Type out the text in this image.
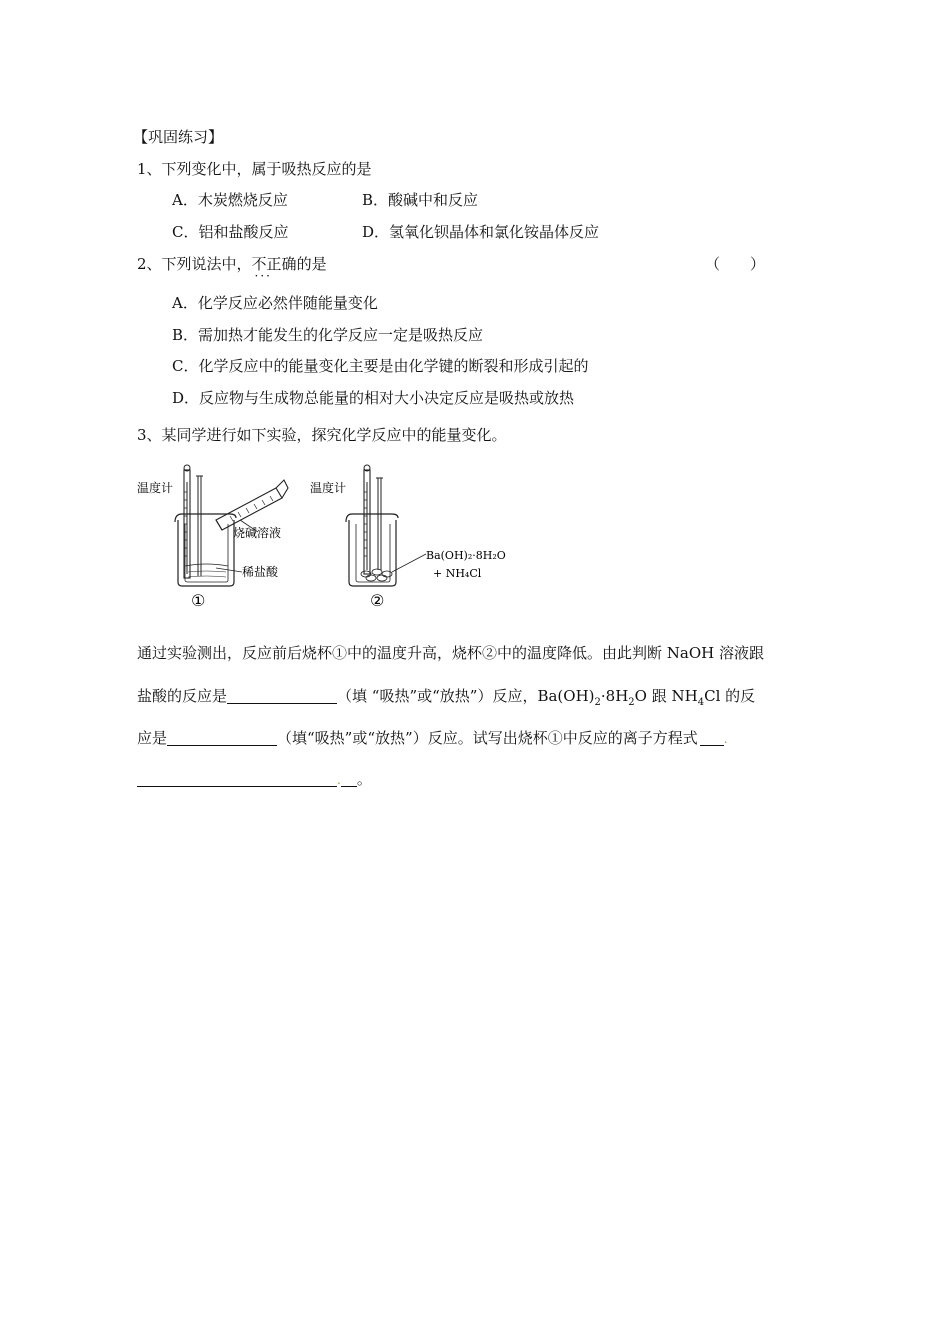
【巩固练习】
1、下列变化中，属于吸热反应的是
A．木炭燃烧反应	B．酸碱中和反应
C．铝和盐酸反应	D．氢氧化钡晶体和氯化铵晶体反应
2、下列说法中，不正确 ···的是	（　　）
A．化学反应必然伴随能量变化
B．需加热才能发生的化学反应一定是吸热反应
C．化学反应中的能量变化主要是由化学键的断裂和形成引起的
D．反应物与生成物总能量的相对大小决定反应是吸热或放热
3、某同学进行如下实验，探究化学反应中的能量变化。
温度计
烧碱溶液
稀盐酸
①
温度计
②
Ba(OH)₂·8H₂O
+ NH₄Cl
通过实验测出，反应前后烧杯①中的温度升高，烧杯②中的温度降低。由此判断 NaOH 溶液跟
盐酸的反应是	（填 “吸热”或“放热”）反应，$Ba(OH)_2\cdot 8H_2O$ 跟 $NH_4Cl$ 的反
应是	（填“吸热”或“放热”）反应。试写出烧杯①中反应的离子方程式 .
. 。
